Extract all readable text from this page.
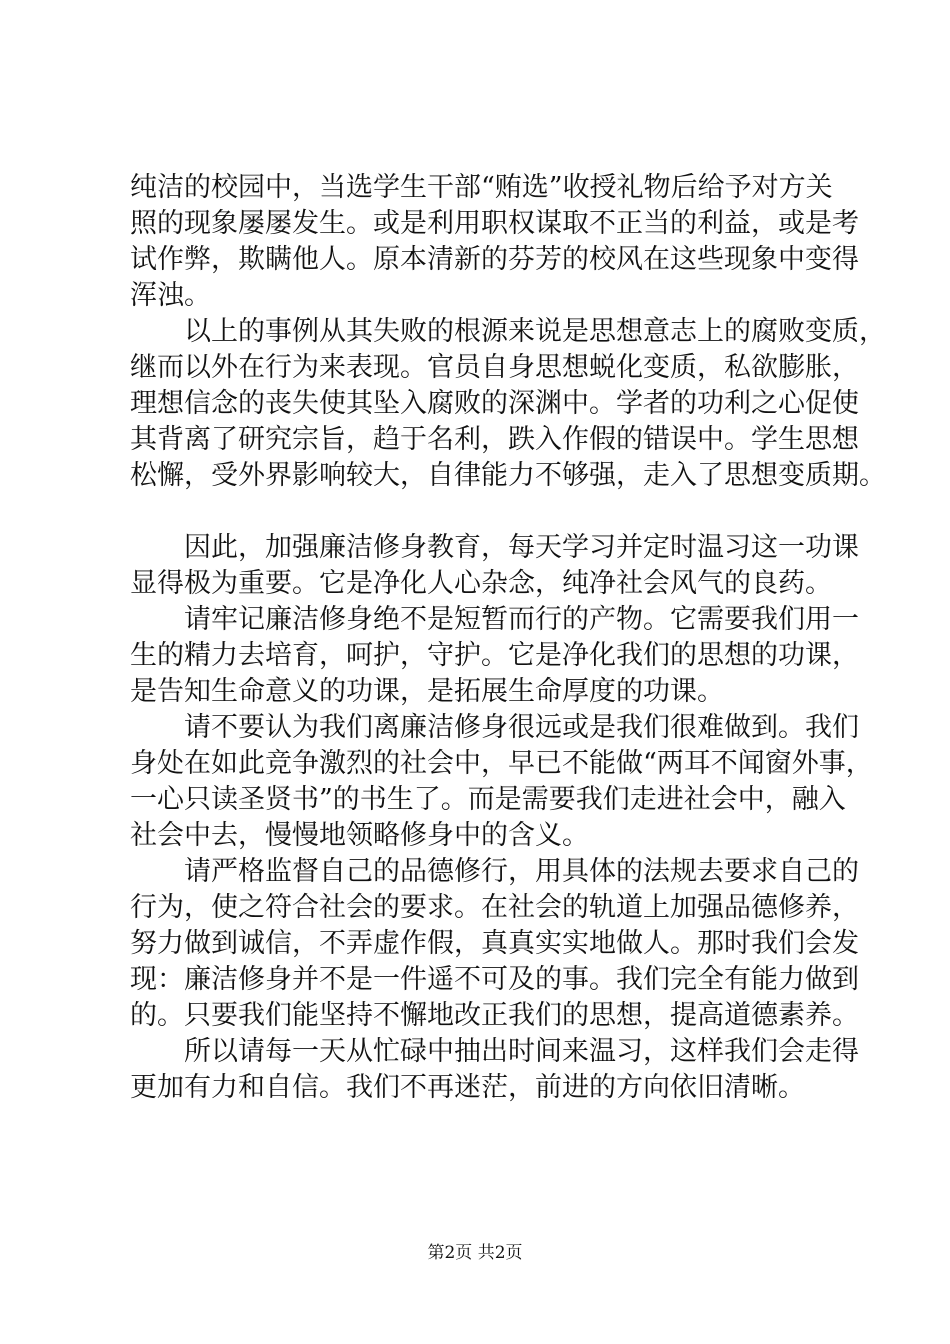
纯洁的校园中，当选学生干部“贿选”收授礼物后给予对方关
照的现象屡屡发生。或是利用职权谋取不正当的利益，或是考
试作弊，欺瞒他人。原本清新的芬芳的校风在这些现象中变得
浑浊。
以上的事例从其失败的根源来说是思想意志上的腐败变质，
继而以外在行为来表现。官员自身思想蜕化变质，私欲膨胀，
理想信念的丧失使其坠入腐败的深渊中。学者的功利之心促使
其背离了研究宗旨，趋于名利，跌入作假的错误中。学生思想
松懈，受外界影响较大，自律能力不够强，走入了思想变质期。
因此，加强廉洁修身教育，每天学习并定时温习这一功课
显得极为重要。它是净化人心杂念，纯净社会风气的良药。
请牢记廉洁修身绝不是短暂而行的产物。它需要我们用一
生的精力去培育，呵护，守护。它是净化我们的思想的功课，
是告知生命意义的功课，是拓展生命厚度的功课。
请不要认为我们离廉洁修身很远或是我们很难做到。我们
身处在如此竞争激烈的社会中，早已不能做“两耳不闻窗外事，
一心只读圣贤书”的书生了。而是需要我们走进社会中，融入
社会中去，慢慢地领略修身中的含义。
请严格监督自己的品德修行，用具体的法规去要求自己的
行为，使之符合社会的要求。在社会的轨道上加强品德修养，
努力做到诚信，不弄虚作假，真真实实地做人。那时我们会发
现：廉洁修身并不是一件遥不可及的事。我们完全有能力做到
的。只要我们能坚持不懈地改正我们的思想，提高道德素养。
所以请每一天从忙碌中抽出时间来温习，这样我们会走得
更加有力和自信。我们不再迷茫，前进的方向依旧清晰。
第2页 共2页
